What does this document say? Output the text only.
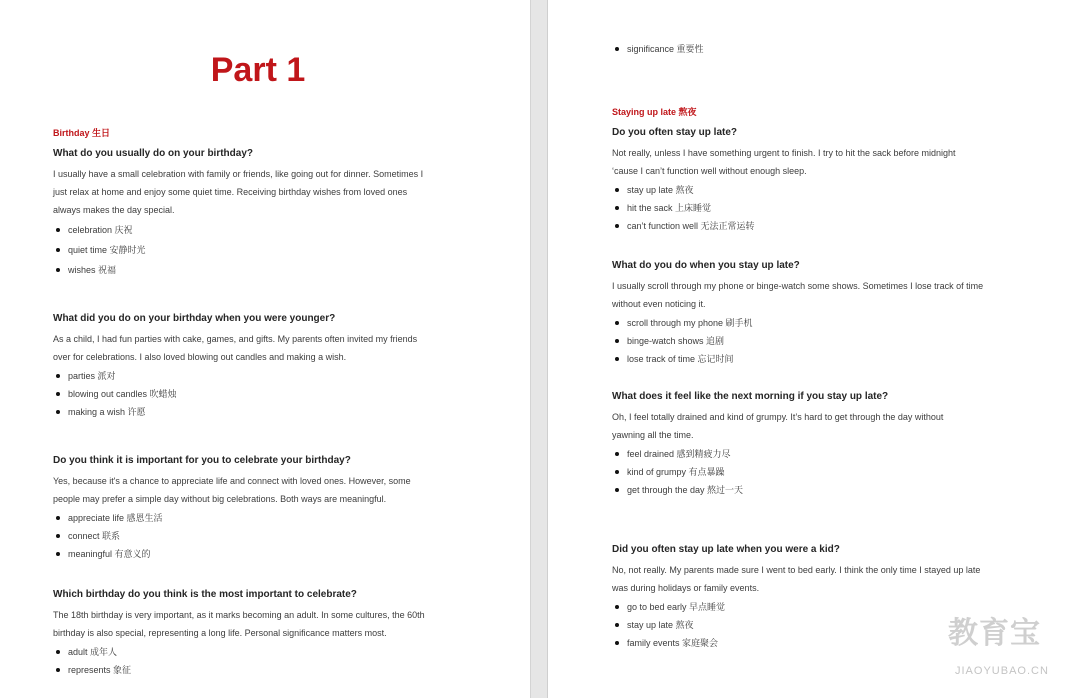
Part 1
Birthday 生日
What do you usually do on your birthday?
I usually have a small celebration with family or friends, like going out for dinner. Sometimes I
just relax at home and enjoy some quiet time. Receiving birthday wishes from loved ones
always makes the day special.
celebration 庆祝
quiet time 安静时光
wishes 祝福
What did you do on your birthday when you were younger?
As a child, I had fun parties with cake, games, and gifts. My parents often invited my friends
over for celebrations. I also loved blowing out candles and making a wish.
parties 派对
blowing out candles 吹蜡烛
making a wish 许愿
Do you think it is important for you to celebrate your birthday?
Yes, because it's a chance to appreciate life and connect with loved ones. However, some
people may prefer a simple day without big celebrations. Both ways are meaningful.
appreciate life 感恩生活
connect 联系
meaningful 有意义的
Which birthday do you think is the most important to celebrate?
The 18th birthday is very important, as it marks becoming an adult. In some cultures, the 60th
birthday is also special, representing a long life. Personal significance matters most.
adult 成年人
represents 象征
significance 重要性
Staying up late 熬夜
Do you often stay up late?
Not really, unless I have something urgent to finish. I try to hit the sack before midnight
‘cause I can’t function well without enough sleep.
stay up late 熬夜
hit the sack 上床睡觉
can’t function well 无法正常运转
What do you do when you stay up late?
I usually scroll through my phone or binge-watch some shows. Sometimes I lose track of time
without even noticing it.
scroll through my phone 刷手机
binge-watch shows 追剧
lose track of time 忘记时间
What does it feel like the next morning if you stay up late?
Oh, I feel totally drained and kind of grumpy. It’s hard to get through the day without
yawning all the time.
feel drained 感到精疲力尽
kind of grumpy 有点暴躁
get through the day 熬过一天
Did you often stay up late when you were a kid?
No, not really. My parents made sure I went to bed early. I think the only time I stayed up late
was during holidays or family events.
go to bed early 早点睡觉
stay up late 熬夜
family events 家庭聚会	教育宝
JIAOYUBAO.CN
